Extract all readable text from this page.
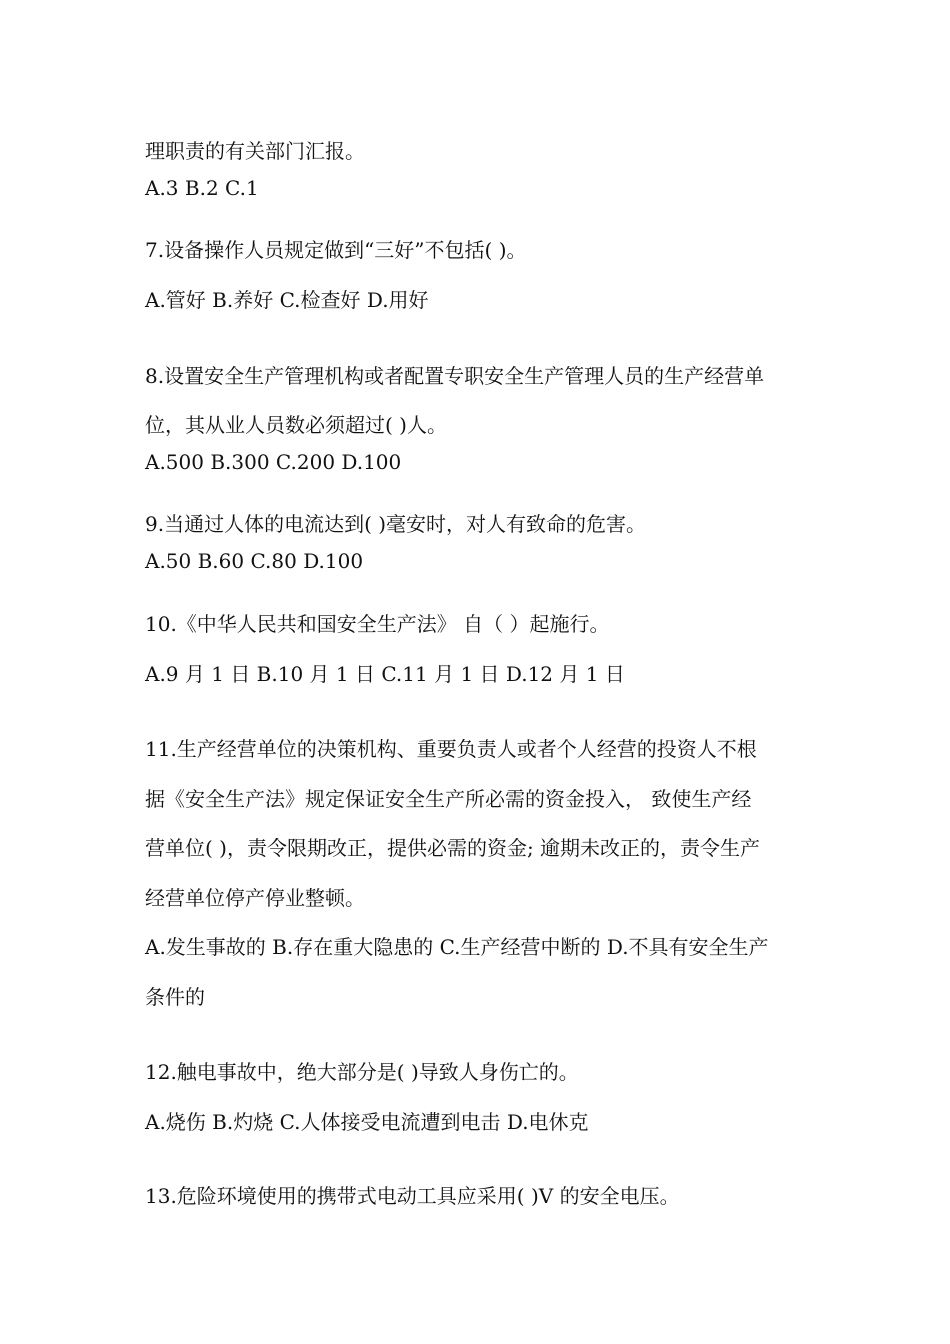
理职责的有关部门汇报。
A.3 B.2 C.1
7.设备操作人员规定做到“三好”不包括( )。
A.管好 B.养好 C.检查好 D.用好
8.设置安全生产管理机构或者配置专职安全生产管理人员的生产经营单
位，其从业人员数必须超过( )人。
A.500 B.300 C.200 D.100
9.当通过人体的电流达到( )毫安时，对人有致命的危害。
A.50 B.60 C.80 D.100
10.《中华人民共和国安全生产法》 自（ ）起施行。
A.9 月 1 日 B.10 月 1 日 C.11 月 1 日 D.12 月 1 日
11.生产经营单位的决策机构、重要负责人或者个人经营的投资人不根
据《安全生产法》规定保证安全生产所必需的资金投入， 致使生产经
营单位( )，责令限期改正，提供必需的资金; 逾期未改正的，责令生产
经营单位停产停业整顿。
A.发生事故的 B.存在重大隐患的 C.生产经营中断的 D.不具有安全生产
条件的
12.触电事故中，绝大部分是( )导致人身伤亡的。
A.烧伤 B.灼烧 C.人体接受电流遭到电击 D.电休克
13.危险环境使用的携带式电动工具应采用( )V 的安全电压。
